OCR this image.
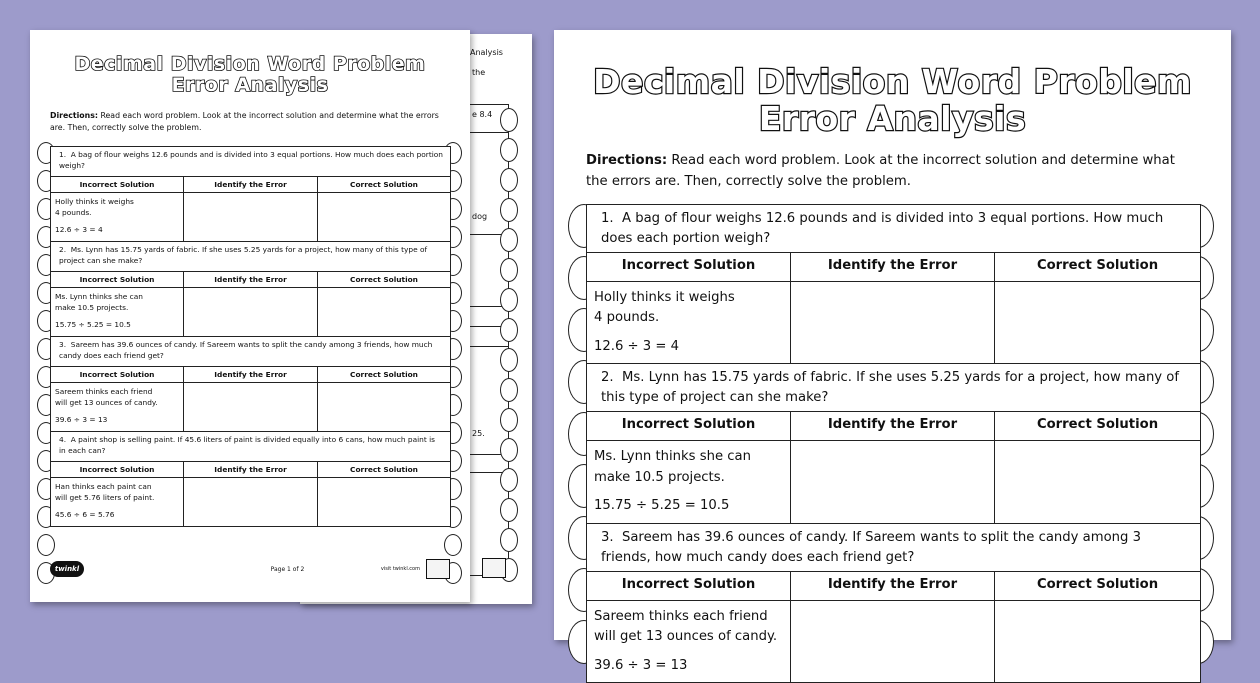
Analysis
the
e 8.4
dog
25.
Decimal Division Word Problem
Error Analysis
Directions: Read each word problem. Look at the incorrect solution and determine what the errors are. Then, correctly solve the problem.
1. A bag of flour weighs 12.6 pounds and is divided into 3 equal portions. How much does each portion weigh?		
Incorrect Solution	Identify the Error	Correct Solution

Holly thinks it weighs
4 pounds.
12.6 ÷ 3 = 4		

2. Ms. Lynn has 15.75 yards of fabric. If she uses 5.25 yards for a project, how many of this type of project can she make?		
Incorrect Solution	Identify the Error	Correct Solution

Ms. Lynn thinks she can
make 10.5 projects.
15.75 ÷ 5.25 = 10.5		

3. Sareem has 39.6 ounces of candy. If Sareem wants to split the candy among 3 friends, how much candy does each friend get?		
Incorrect Solution	Identify the Error	Correct Solution

Sareem thinks each friend
will get 13 ounces of candy.
39.6 ÷ 3 = 13		

4. A paint shop is selling paint. If 45.6 liters of paint is divided equally into 6 cans, how much paint is in each can?		
Incorrect Solution	Identify the Error	Correct Solution

Han thinks each paint can
will get 5.76 liters of paint.
45.6 ÷ 6 = 5.76		

twinkl	Page 1 of 2	visit twinkl.com
Decimal Division Word Problem
Error Analysis
Directions: Read each word problem. Look at the incorrect solution and determine what the errors are. Then, correctly solve the problem.
1. A bag of flour weighs 12.6 pounds and is divided into 3 equal portions. How much does each portion weigh?		
Incorrect Solution	Identify the Error	Correct Solution

Holly thinks it weighs
4 pounds.
12.6 ÷ 3 = 4		

2. Ms. Lynn has 15.75 yards of fabric. If she uses 5.25 yards for a project, how many of this type of project can she make?		
Incorrect Solution	Identify the Error	Correct Solution

Ms. Lynn thinks she can
make 10.5 projects.
15.75 ÷ 5.25 = 10.5		

3. Sareem has 39.6 ounces of candy. If Sareem wants to split the candy among 3 friends, how much candy does each friend get?		
Incorrect Solution	Identify the Error	Correct Solution

Sareem thinks each friend
will get 13 ounces of candy.
39.6 ÷ 3 = 13		
